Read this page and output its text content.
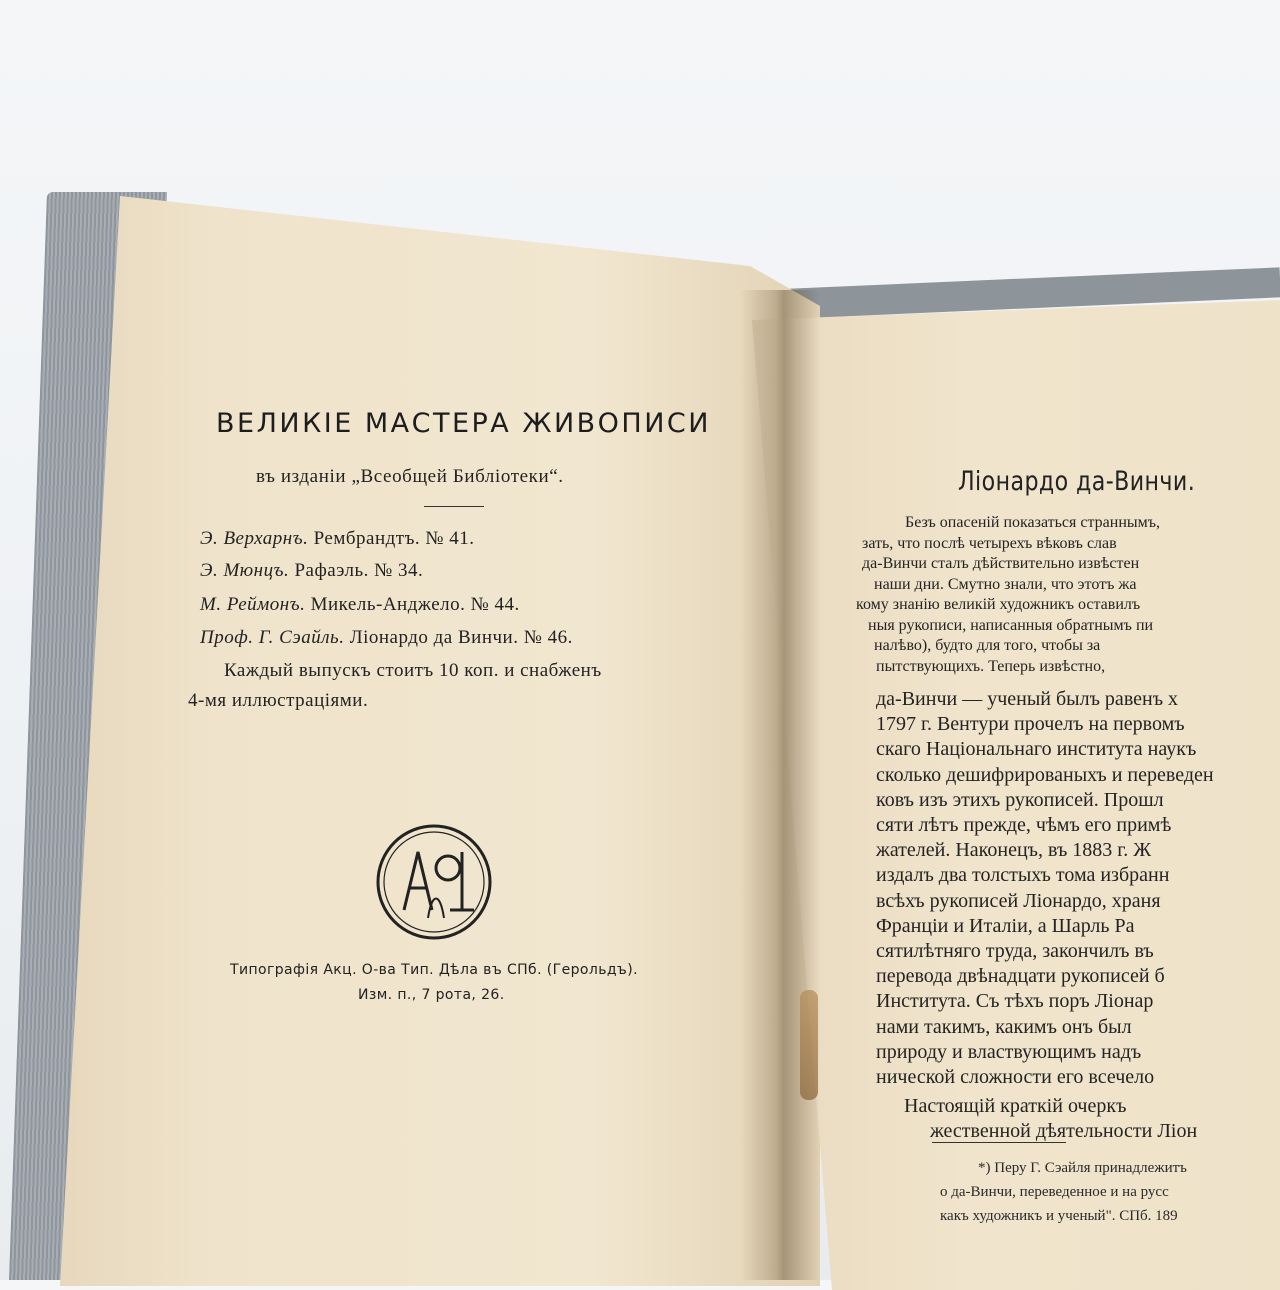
ВЕЛИКІЕ МАСТЕРА ЖИВОПИСИ
въ изданіи „Всеобщей Библіотеки“.
Э. Верхарнъ. Рембрандтъ. № 41.
Э. Мюнцъ. Рафаэль. № 34.
М. Реймонъ. Микель-Анджело. № 44.
Проф. Г. Сэайль. Ліонардо да Винчи. № 46.
Каждый выпускъ стоитъ 10 коп. и снабженъ
4-мя иллюстраціями.
Типографія Акц. О-ва Тип. Дѣла въ СПб. (Герольдъ).
Изм. п., 7 рота, 26.
Ліонардо да-Винчи.
Безъ опасеній показаться страннымъ,
зать, что послѣ четырехъ вѣковъ слав
да-Винчи сталъ дѣйствительно извѣстен
наши дни. Смутно знали, что этотъ жа
кому знанію великій художникъ оставилъ
ныя рукописи, написанныя обратнымъ пи
налѣво), будто для того, чтобы за
пытствующихъ. Теперь извѣстно,
да-Винчи — ученый былъ равенъ х
1797 г. Вентури прочелъ на первомъ
скаго Національнаго института наукъ
сколько дешифрированыхъ и переведен
ковъ изъ этихъ рукописей. Прошл
сяти лѣтъ прежде, чѣмъ его примѣ
жателей. Наконецъ, въ 1883 г. Ж
издалъ два толстыхъ тома избранн
всѣхъ рукописей Ліонардо, храня
Франціи и Италіи, а Шарль Ра
сятилѣтняго труда, закончилъ въ
перевода двѣнадцати рукописей б
Института. Съ тѣхъ поръ Ліонар
нами такимъ, какимъ онъ был
природу и властвующимъ надъ
нической сложности его всечело
Настоящій краткій очеркъ
жественной дѣятельности Ліон
*) Перу Г. Сэайля принадлежитъ
о да-Винчи, переведенное и на русс
какъ художникъ и ученый". СПб. 189
